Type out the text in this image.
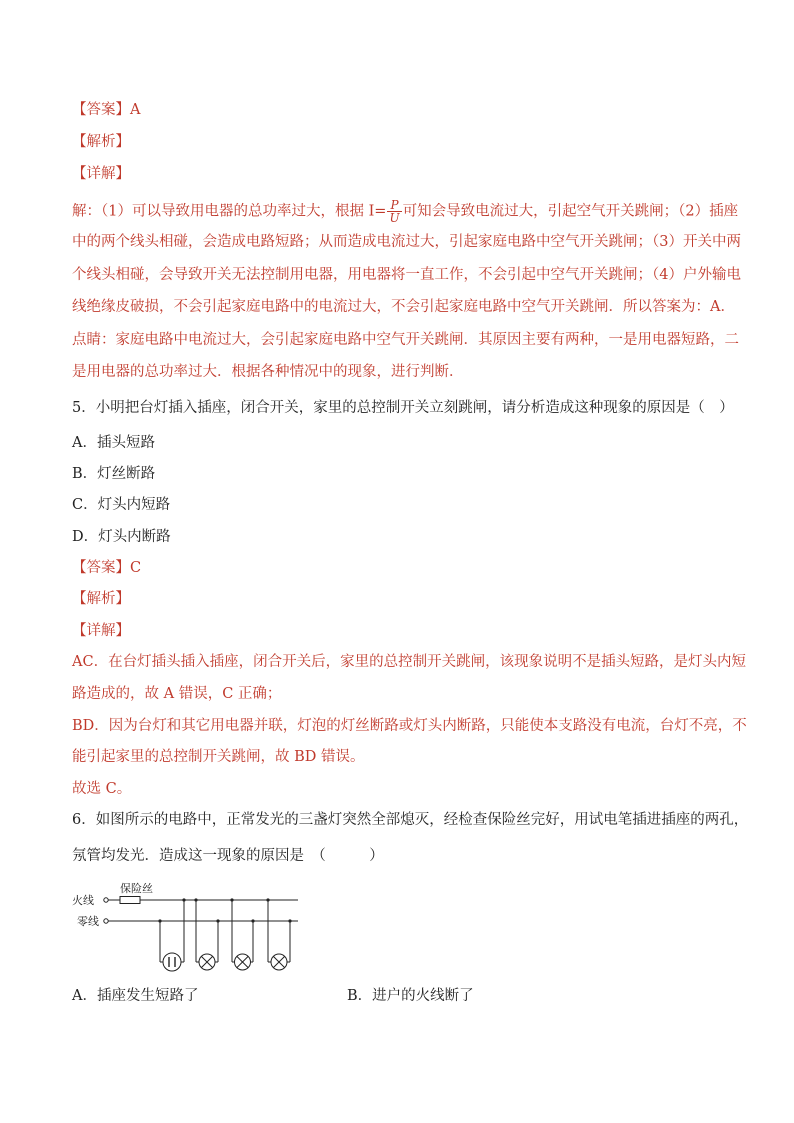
【答案】A
【解析】
【详解】
解：（1）可以导致用电器的总功率过大，根据 $I= \frac{P}{U}$ 可知会导致电流过大，引起空气开关跳闸；（2）插座
中的两个线头相碰，会造成电路短路；从而造成电流过大，引起家庭电路中空气开关跳闸；（3）开关中两
个线头相碰，会导致开关无法控制用电器，用电器将一直工作，不会引起中空气开关跳闸；（4）户外输电
线绝缘皮破损，不会引起家庭电路中的电流过大，不会引起家庭电路中空气开关跳闸．所以答案为：A．
点睛：家庭电路中电流过大，会引起家庭电路中空气开关跳闸．其原因主要有两种，一是用电器短路，二
是用电器的总功率过大．根据各种情况中的现象，进行判断．
5．小明把台灯插入插座，闭合开关，家里的总控制开关立刻跳闸，请分析造成这种现象的原因是（　）
A．插头短路
B．灯丝断路
C．灯头内短路
D．灯头内断路
【答案】C
【解析】
【详解】
AC．在台灯插头插入插座，闭合开关后，家里的总控制开关跳闸，该现象说明不是插头短路，是灯头内短
路造成的，故 A 错误，C 正确；
BD．因为台灯和其它用电器并联，灯泡的灯丝断路或灯头内断路，只能使本支路没有电流，台灯不亮，不
能引起家里的总控制开关跳闸，故 BD 错误。
故选 C。
6．如图所示的电路中，正常发光的三盏灯突然全部熄灭，经检查保险丝完好，用试电笔插进插座的两孔，
氖管均发光．造成这一现象的原因是　（　　　）
火线
零线
保险丝
A．插座发生短路了	B．进户的火线断了
